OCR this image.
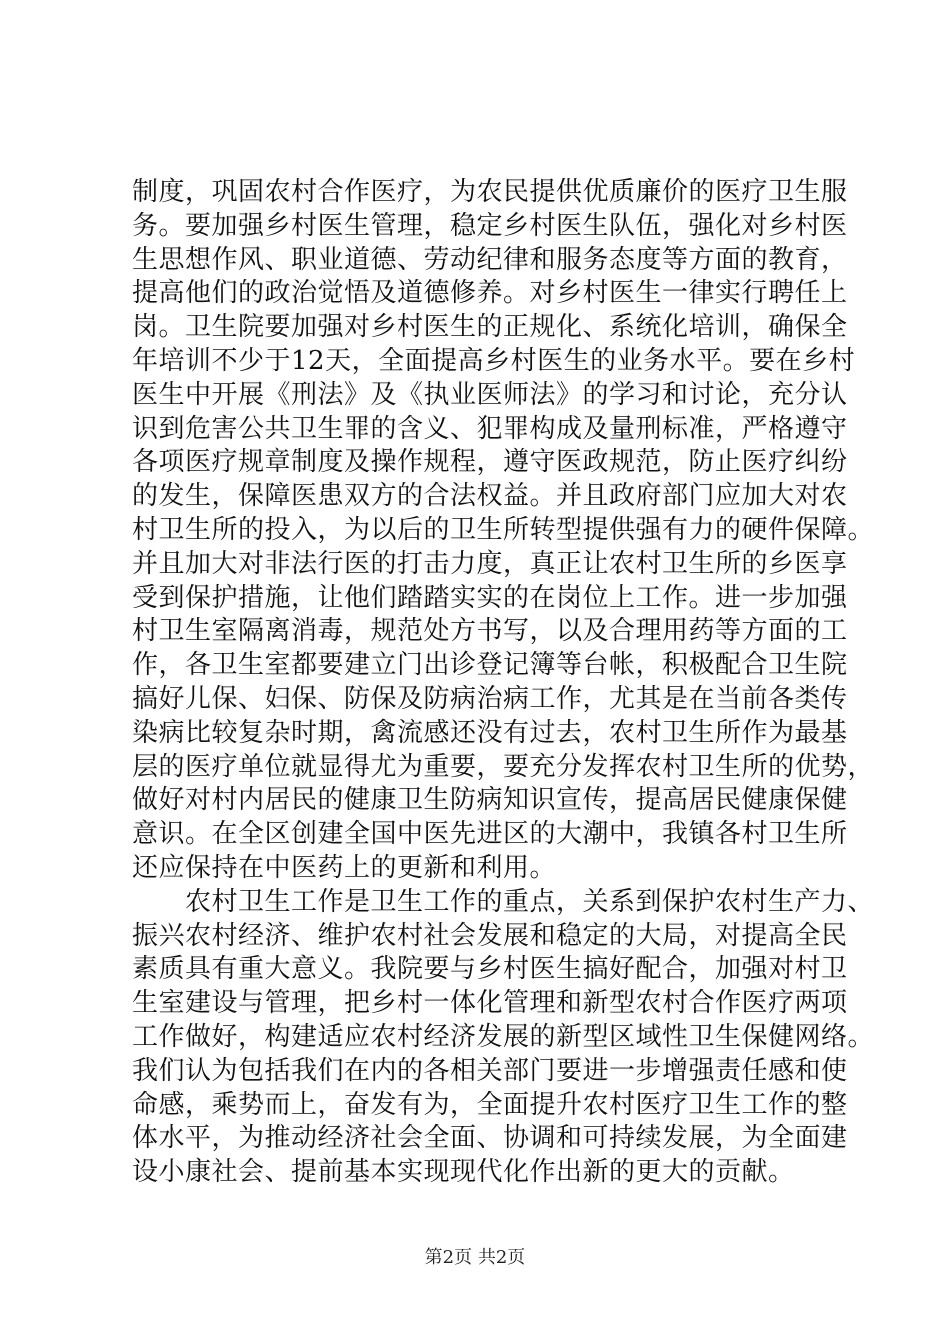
制度，巩固农村合作医疗，为农民提供优质廉价的医疗卫生服
务。要加强乡村医生管理，稳定乡村医生队伍，强化对乡村医
生思想作风、职业道德、劳动纪律和服务态度等方面的教育，
提高他们的政治觉悟及道德修养。对乡村医生一律实行聘任上
岗。卫生院要加强对乡村医生的正规化、系统化培训，确保全
年培训不少于12天，全面提高乡村医生的业务水平。要在乡村
医生中开展《刑法》及《执业医师法》的学习和讨论，充分认
识到危害公共卫生罪的含义、犯罪构成及量刑标准，严格遵守
各项医疗规章制度及操作规程，遵守医政规范，防止医疗纠纷
的发生，保障医患双方的合法权益。并且政府部门应加大对农
村卫生所的投入，为以后的卫生所转型提供强有力的硬件保障。
并且加大对非法行医的打击力度，真正让农村卫生所的乡医享
受到保护措施，让他们踏踏实实的在岗位上工作。进一步加强
村卫生室隔离消毒，规范处方书写，以及合理用药等方面的工
作，各卫生室都要建立门出诊登记簿等台帐，积极配合卫生院
搞好儿保、妇保、防保及防病治病工作，尤其是在当前各类传
染病比较复杂时期，禽流感还没有过去，农村卫生所作为最基
层的医疗单位就显得尤为重要，要充分发挥农村卫生所的优势，
做好对村内居民的健康卫生防病知识宣传，提高居民健康保健
意识。在全区创建全国中医先进区的大潮中，我镇各村卫生所
还应保持在中医药上的更新和利用。
　　农村卫生工作是卫生工作的重点，关系到保护农村生产力、
振兴农村经济、维护农村社会发展和稳定的大局，对提高全民
素质具有重大意义。我院要与乡村医生搞好配合，加强对村卫
生室建设与管理，把乡村一体化管理和新型农村合作医疗两项
工作做好，构建适应农村经济发展的新型区域性卫生保健网络。
我们认为包括我们在内的各相关部门要进一步增强责任感和使
命感，乘势而上，奋发有为，全面提升农村医疗卫生工作的整
体水平，为推动经济社会全面、协调和可持续发展，为全面建
设小康社会、提前基本实现现代化作出新的更大的贡献。
第2页 共2页
